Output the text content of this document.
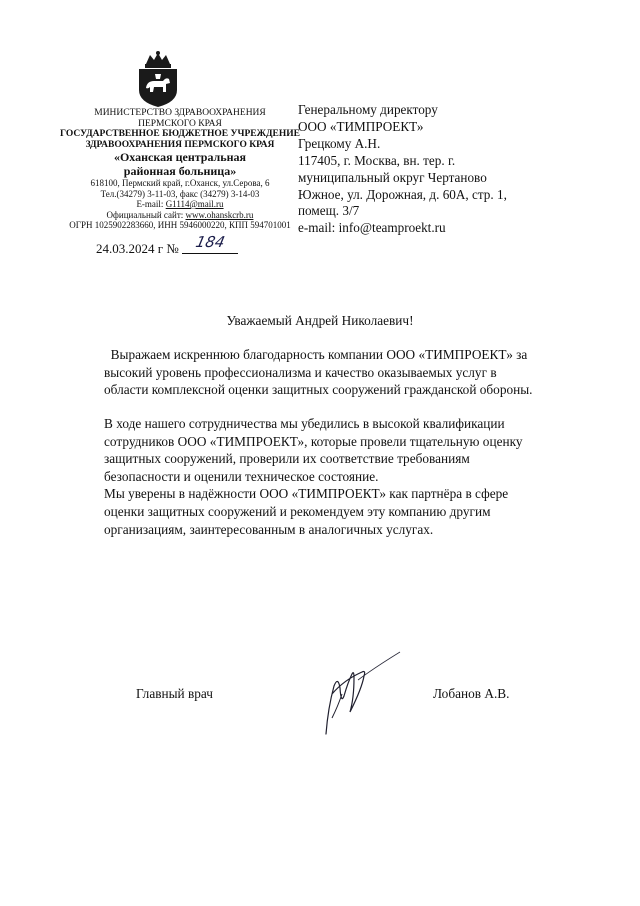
МИНИСТЕРСТВО ЗДРАВООХРАНЕНИЯ
ПЕРМСКОГО КРАЯ
ГОСУДАРСТВЕННОЕ БЮДЖЕТНОЕ УЧРЕЖДЕНИЕ
ЗДРАВООХРАНЕНИЯ ПЕРМСКОГО КРАЯ
«Оханская центральная
районная больница»
618100, Пермский край, г.Оханск, ул.Серова, 6
Тел.(34279) 3-11-03, факс (34279) 3-14-03
E-mail: G1114@mail.ru
Официальный сайт: www.ohanskcrb.ru
ОГРН 1025902283660, ИНН 5946000220, КПП 594701001
24.03.2024 г № 184
Генеральному директору
ООО «ТИМПРОЕКТ»
Грецкому А.Н.
117405, г. Москва, вн. тер. г.
муниципальный округ Чертаново
Южное, ул. Дорожная, д. 60А, стр. 1,
помещ. 3/7
e-mail: info@teamproekt.ru
Уважаемый Андрей Николаевич!
Выражаем искреннюю благодарность компании ООО «ТИМПРОЕКТ» за
высокий уровень профессионализма и качество оказываемых услуг в
области комплексной оценки защитных сооружений гражданской обороны.
В ходе нашего сотрудничества мы убедились в высокой квалификации
сотрудников ООО «ТИМПРОЕКТ», которые провели тщательную оценку
защитных сооружений, проверили их соответствие требованиям
безопасности и оценили техническое состояние.
Мы уверены в надёжности ООО «ТИМПРОЕКТ» как партнёра в сфере
оценки защитных сооружений и рекомендуем эту компанию другим
организациям, заинтересованным в аналогичных услугах.
Главный врач	Лобанов А.В.
